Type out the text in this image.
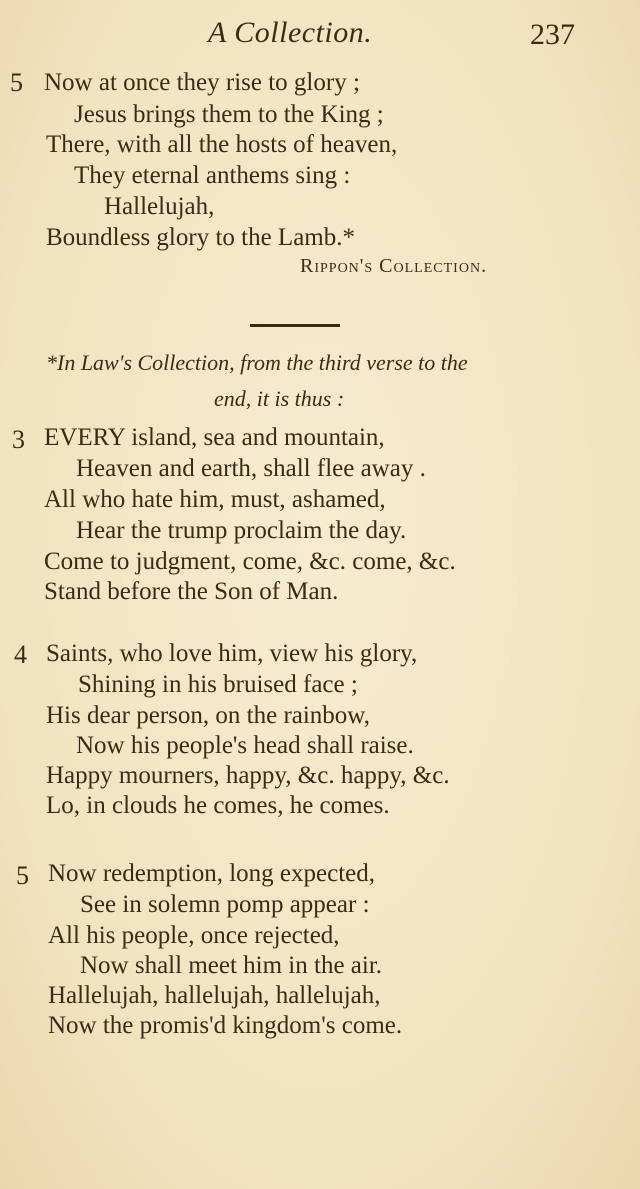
A Collection.	237
5 Now at once they rise to glory ;
Jesus brings them to the King ;
There, with all the hosts of heaven,
They eternal anthems sing :
Hallelujah,
Boundless glory to the Lamb.*
Rippon's Collection.
*In Law's Collection, from the third verse to the
end, it is thus :
3 EVERY island, sea and mountain,
Heaven and earth, shall flee away .
All who hate him, must, ashamed,
Hear the trump proclaim the day.
Come to judgment, come, &c. come, &c.
Stand before the Son of Man.
4 Saints, who love him, view his glory,
Shining in his bruised face ;
His dear person, on the rainbow,
Now his people's head shall raise.
Happy mourners, happy, &c. happy, &c.
Lo, in clouds he comes, he comes.
5 Now redemption, long expected,
See in solemn pomp appear :
All his people, once rejected,
Now shall meet him in the air.
Hallelujah, hallelujah, hallelujah,
Now the promis'd kingdom's come.
